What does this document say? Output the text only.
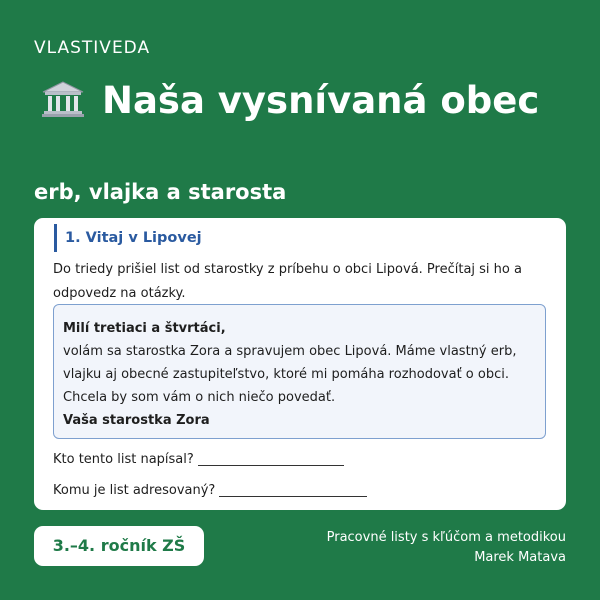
VLASTIVEDA
Naša vysnívaná obec
erb, vlajka a starosta
1. Vitaj v Lipovej
Do triedy prišiel list od starostky z príbehu o obci Lipová. Prečítaj si ho a odpovedz na otázky.
Milí tretiaci a štvrtáci,
volám sa starostka Zora a spravujem obec Lipová. Máme vlastný erb, vlajku aj obecné zastupiteľstvo, ktoré mi pomáha rozhodovať o obci. Chcela by som vám o nich niečo povedať.
Vaša starostka Zora
Kto tento list napísal?
Komu je list adresovaný?
3.–4. ročník ZŠ	Pracovné listy s kľúčom a metodikou
Marek Matava
